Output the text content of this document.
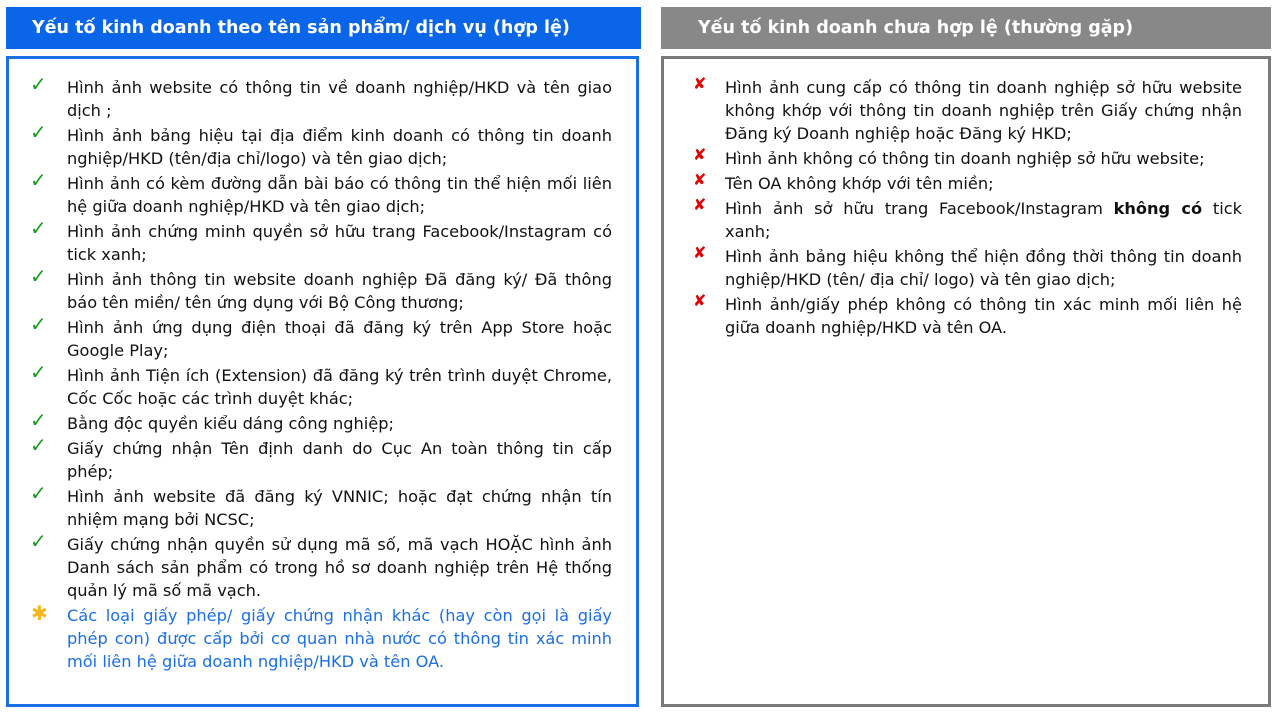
Yếu tố kinh doanh theo tên sản phẩm/ dịch vụ (hợp lệ)	Yếu tố kinh doanh chưa hợp lệ (thường gặp)
✓	Hình ảnh website có thông tin về doanh nghiệp/HKD và tên giao dịch ;
✓	Hình ảnh bảng hiệu tại địa điểm kinh doanh có thông tin doanh nghiệp/HKD (tên/địa chỉ/logo) và tên giao dịch;
✓	Hình ảnh có kèm đường dẫn bài báo có thông tin thể hiện mối liên hệ giữa doanh nghiệp/HKD và tên giao dịch;
✓	Hình ảnh chứng minh quyền sở hữu trang Facebook/Instagram có tick xanh;
✓	Hình ảnh thông tin website doanh nghiệp Đã đăng ký/ Đã thông báo tên miền/ tên ứng dụng với Bộ Công thương;
✓	Hình ảnh ứng dụng điện thoại đã đăng ký trên App Store hoặc Google Play;
✓	Hình ảnh Tiện ích (Extension) đã đăng ký trên trình duyệt Chrome, Cốc Cốc hoặc các trình duyệt khác;
✓	Bằng độc quyền kiểu dáng công nghiệp;
✓	Giấy chứng nhận Tên định danh do Cục An toàn thông tin cấp phép;
✓	Hình ảnh website đã đăng ký VNNIC; hoặc đạt chứng nhận tín nhiệm mạng bởi NCSC;
✓	Giấy chứng nhận quyền sử dụng mã số, mã vạch HOẶC hình ảnh Danh sách sản phẩm có trong hồ sơ doanh nghiệp trên Hệ thống quản lý mã số mã vạch.
✱	Các loại giấy phép/ giấy chứng nhận khác (hay còn gọi là giấy phép con) được cấp bởi cơ quan nhà nước có thông tin xác minh mối liên hệ giữa doanh nghiệp/HKD và tên OA.
✘	Hình ảnh cung cấp có thông tin doanh nghiệp sở hữu website không khớp với thông tin doanh nghiệp trên Giấy chứng nhận Đăng ký Doanh nghiệp hoặc Đăng ký HKD;
✘	Hình ảnh không có thông tin doanh nghiệp sở hữu website;
✘	Tên OA không khớp với tên miền;
✘	Hình ảnh sở hữu trang Facebook/Instagram không có tick xanh;
✘	Hình ảnh bảng hiệu không thể hiện đồng thời thông tin doanh nghiệp/HKD (tên/ địa chỉ/ logo) và tên giao dịch;
✘	Hình ảnh/giấy phép không có thông tin xác minh mối liên hệ giữa doanh nghiệp/HKD và tên OA.
